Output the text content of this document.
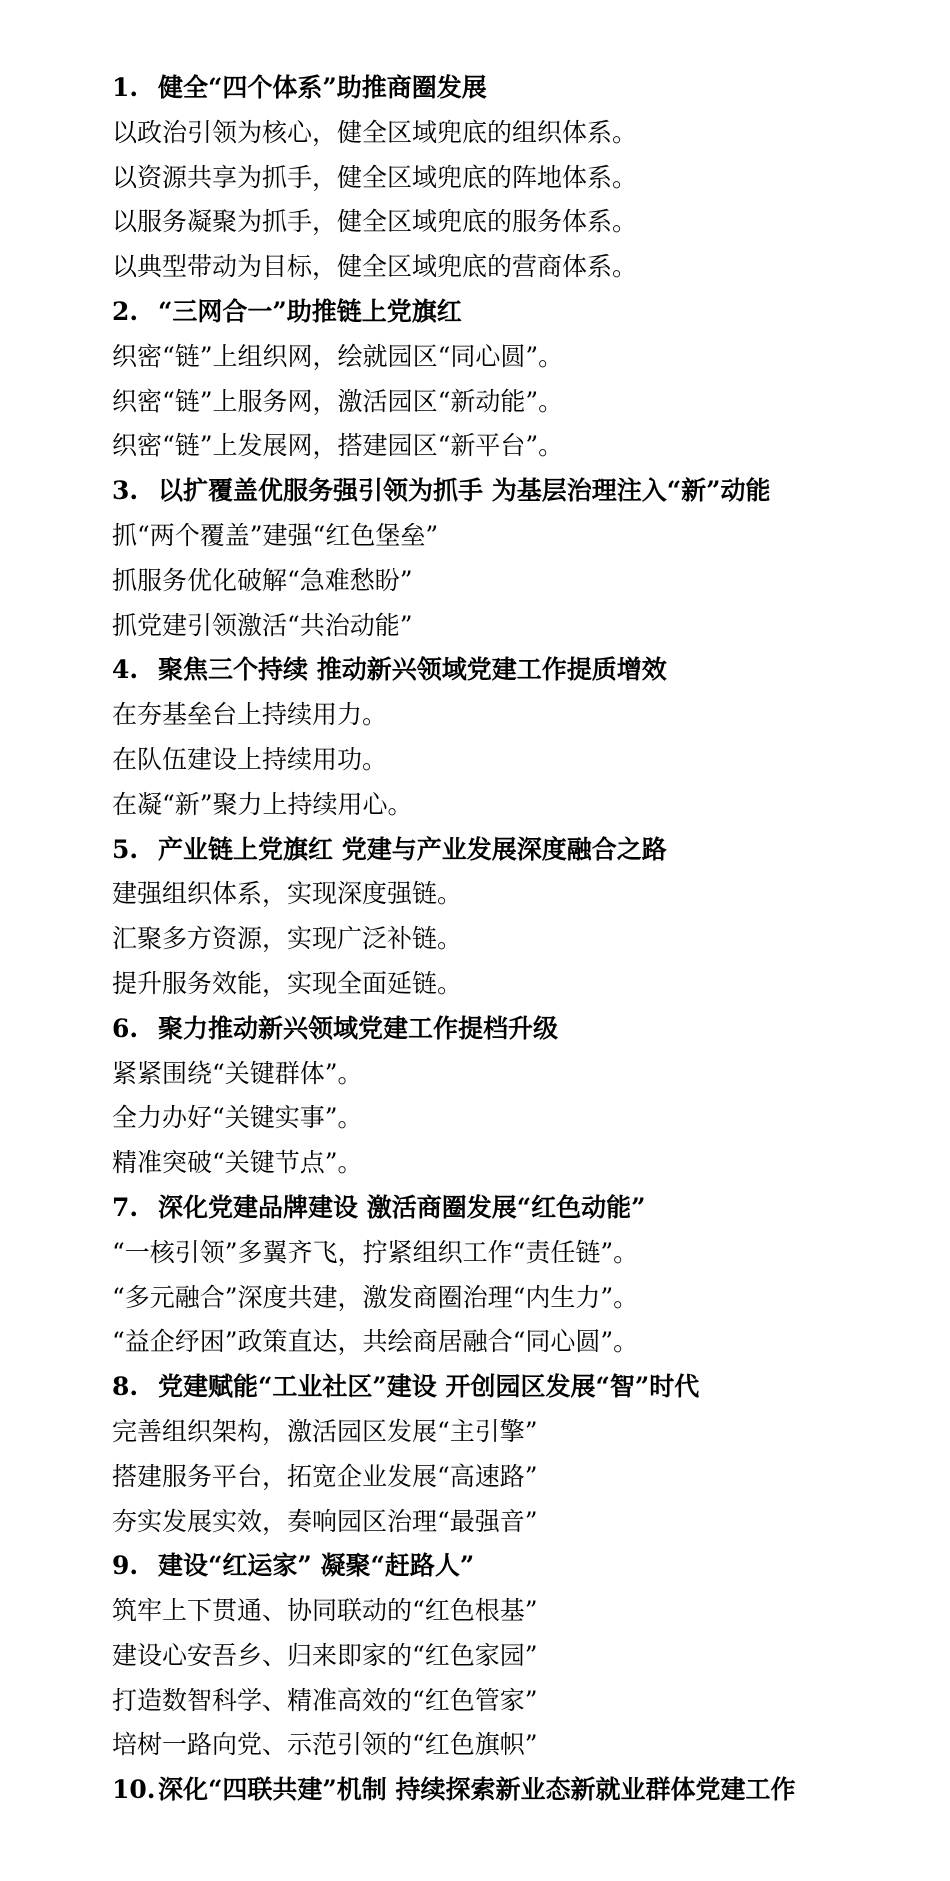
1. 健全“四个体系”助推商圈发展
以政治引领为核心，健全区域兜底的组织体系。
以资源共享为抓手，健全区域兜底的阵地体系。
以服务凝聚为抓手，健全区域兜底的服务体系。
以典型带动为目标，健全区域兜底的营商体系。
2. “三网合一”助推链上党旗红
织密“链”上组织网，绘就园区“同心圆”。
织密“链”上服务网，激活园区“新动能”。
织密“链”上发展网，搭建园区“新平台”。
3. 以扩覆盖优服务强引领为抓手 为基层治理注入“新”动能
抓“两个覆盖”建强“红色堡垒”
抓服务优化破解“急难愁盼”
抓党建引领激活“共治动能”
4. 聚焦三个持续 推动新兴领域党建工作提质增效
在夯基垒台上持续用力。
在队伍建设上持续用功。
在凝“新”聚力上持续用心。
5. 产业链上党旗红 党建与产业发展深度融合之路
建强组织体系，实现深度强链。
汇聚多方资源，实现广泛补链。
提升服务效能，实现全面延链。
6. 聚力推动新兴领域党建工作提档升级
紧紧围绕“关键群体”。
全力办好“关键实事”。
精准突破“关键节点”。
7. 深化党建品牌建设 激活商圈发展“红色动能”
“一核引领”多翼齐飞，拧紧组织工作“责任链”。
“多元融合”深度共建，激发商圈治理“内生力”。
“益企纾困”政策直达，共绘商居融合“同心圆”。
8. 党建赋能“工业社区”建设 开创园区发展“智”时代
完善组织架构，激活园区发展“主引擎”
搭建服务平台，拓宽企业发展“高速路”
夯实发展实效，奏响园区治理“最强音”
9. 建设“红运家” 凝聚“赶路人”
筑牢上下贯通、协同联动的“红色根基”
建设心安吾乡、归来即家的“红色家园”
打造数智科学、精准高效的“红色管家”
培树一路向党、示范引领的“红色旗帜”
10. 深化“四联共建”机制 持续探索新业态新就业群体党建工作
